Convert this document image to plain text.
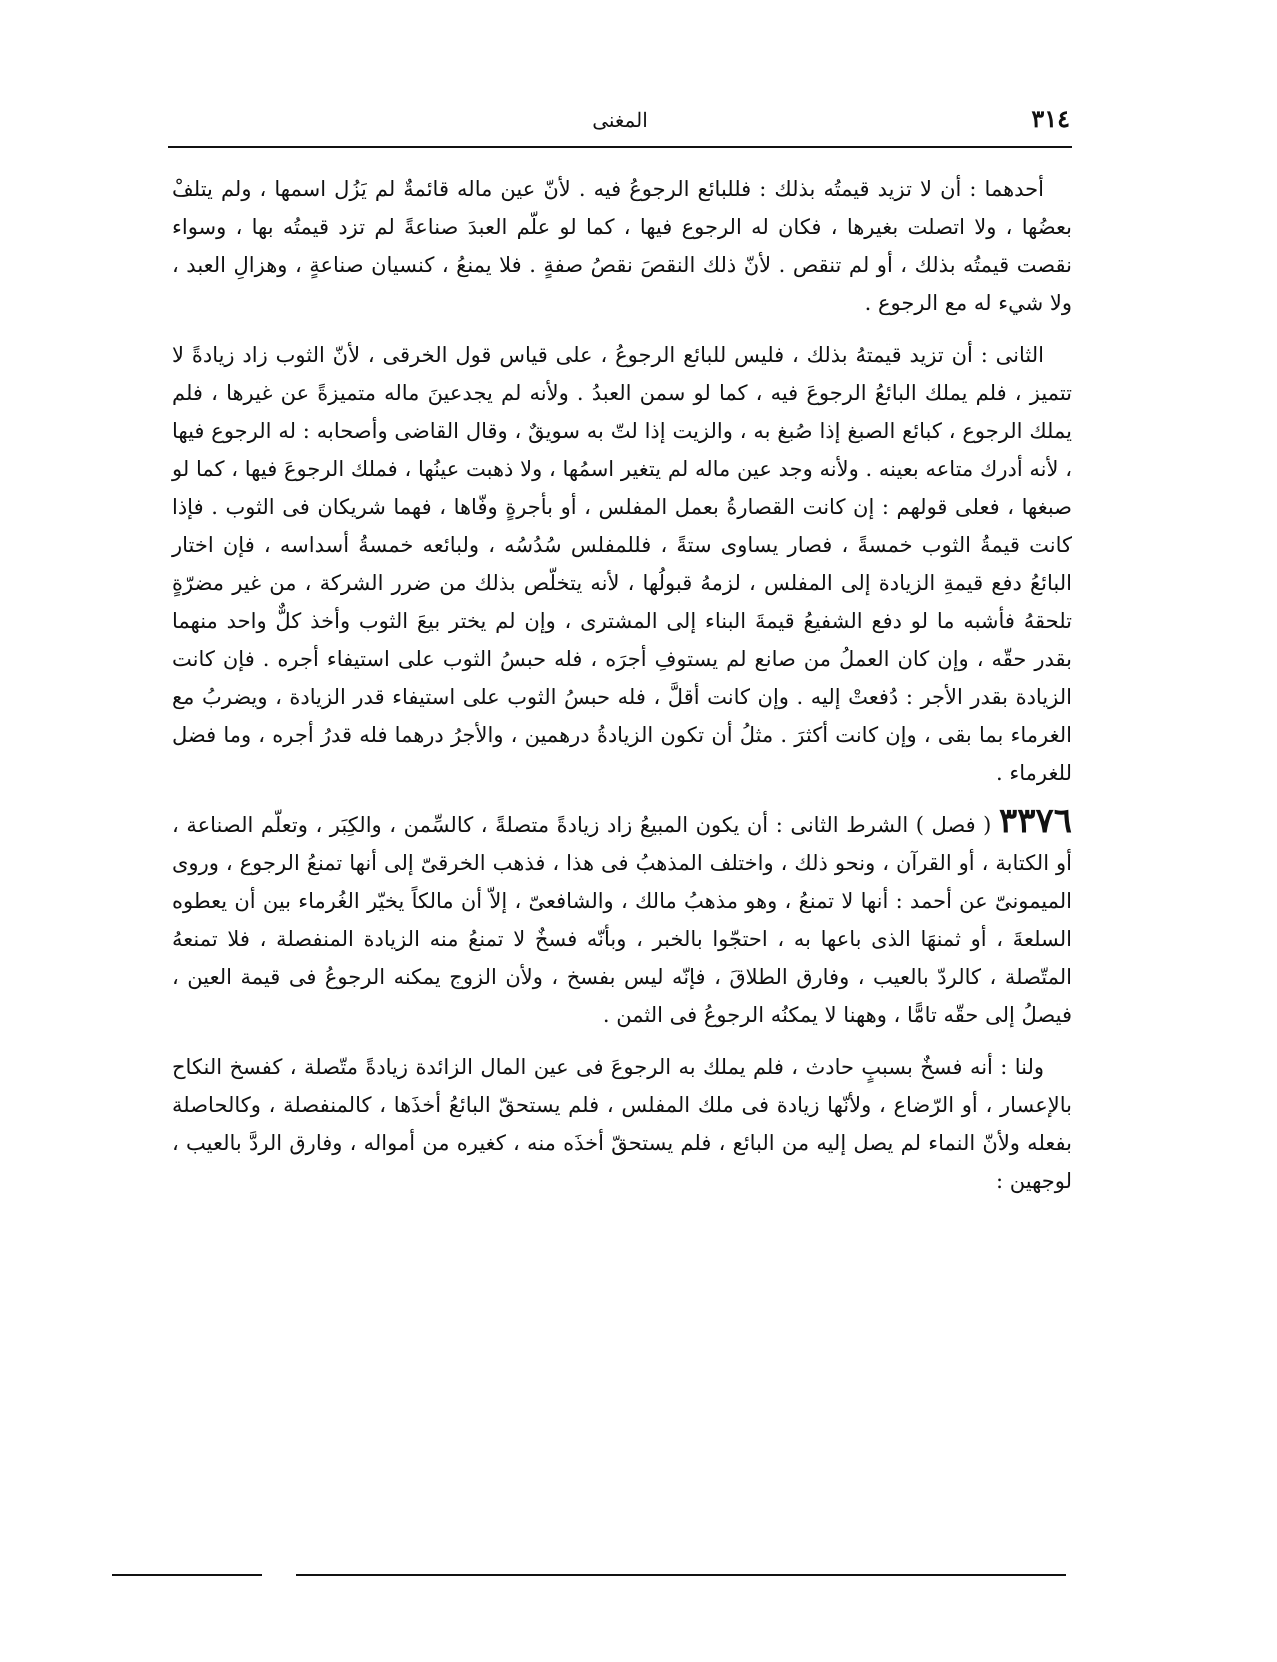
٣١٤
المغنى

أحدهما : أن لا تزيد قيمتُه بذلك : فللبائع الرجوعُ فيه . لأنّ عين ماله قائمةٌ لم يَزُل اسمها ، ولم يتلفْ بعضُها ، ولا اتصلت بغيرها ، فكان له الرجوع فيها ، كما لو علّم العبدَ صناعةً لم تزد قيمتُه بها ، وسواء نقصت قيمتُه بذلك ، أو لم تنقص . لأنّ ذلك النقصَ نقصُ صفةٍ . فلا يمنعُ ، كنسيان صناعةٍ ، وهزالِ العبد ، ولا شيء له مع الرجوع .

الثانى : أن تزيد قيمتهُ بذلك ، فليس للبائع الرجوعُ ، على قياس قول الخرقى ، لأنّ الثوب زاد زيادةً لا تتميز ، فلم يملك البائعُ الرجوعَ فيه ، كما لو سمن العبدُ . ولأنه لم يجدعينَ ماله متميزةً عن غيرها ، فلم يملك الرجوع ، كبائع الصبغ إذا صُبغ به ، والزيت إذا لتّ به سويقٌ ، وقال القاضى وأصحابه : له الرجوع فيها ، لأنه أدرك متاعه بعينه . ولأنه وجد عين ماله لم يتغير اسمُها ، ولا ذهبت عينُها ، فملك الرجوعَ فيها ، كما لو صبغها ، فعلى قولهم : إن كانت القصارةُ بعمل المفلس ، أو بأجرةٍ وفّاها ، فهما شريكان فى الثوب . فإذا كانت قيمةُ الثوب خمسةً ، فصار يساوى ستةً ، فللمفلس سُدُسُه ، ولبائعه خمسةُ أسداسه ، فإن اختار البائعُ دفع قيمةِ الزيادة إلى المفلس ، لزمهُ قبولُها ، لأنه يتخلّص بذلك من ضرر الشركة ، من غير مضرّةٍ تلحقهُ فأشبه ما لو دفع الشفيعُ قيمةَ البناء إلى المشترى ، وإن لم يختر بيعَ الثوب وأخذ كلٌّ واحد منهما بقدر حقّه ، وإن كان العملُ من صانع لم يستوفِ أجرَه ، فله حبسُ الثوب على استيفاء أجره . فإن كانت الزيادة بقدر الأجر : دُفعتْ إليه . وإن كانت أقلَّ ، فله حبسُ الثوب على استيفاء قدر الزيادة ، ويضربُ مع الغرماء بما بقى ، وإن كانت أكثرَ . مثلُ أن تكون الزيادةُ درهمين ، والأجرُ درهما فله قدرُ أجره ، وما فضل للغرماء .

٣٣٧٦ ( فصل ) الشرط الثانى : أن يكون المبيعُ زاد زيادةً متصلةً ، كالسِّمن ، والكِبَر ، وتعلّم الصناعة ، أو الكتابة ، أو القرآن ، ونحو ذلك ، واختلف المذهبُ فى هذا ، فذهب الخرقىّ إلى أنها تمنعُ الرجوع ، وروى الميمونىّ عن أحمد : أنها لا تمنعُ ، وهو مذهبُ مالك ، والشافعىّ ، إلاّ أن مالكاً يخيّر الغُرماء بين أن يعطوه السلعةَ ، أو ثمنهَا الذى باعها به ، احتجّوا بالخبر ، وبأنّه فسخٌ لا تمنعُ منه الزيادة المنفصلة ، فلا تمنعهُ المتّصلة ، كالردّ بالعيب ، وفارق الطلاقَ ، فإنّه ليس بفسخ ، ولأن الزوج يمكنه الرجوعُ فى قيمة العين ، فيصلُ إلى حقّه تامًّا ، وههنا لا يمكنُه الرجوعُ فى الثمن .

ولنا : أنه فسخٌ بسببٍ حادث ، فلم يملك به الرجوعَ فى عين المال الزائدة زيادةً متّصلة ، كفسخ النكاح بالإعسار ، أو الرّضاع ، ولأنّها زيادة فى ملك المفلس ، فلم يستحقّ البائعُ أخذَها ، كالمنفصلة ، وكالحاصلة بفعله ولأنّ النماء لم يصل إليه من البائع ، فلم يستحقّ أخذَه منه ، كغيره من أمواله ، وفارق الردَّ بالعيب ، لوجهين :
